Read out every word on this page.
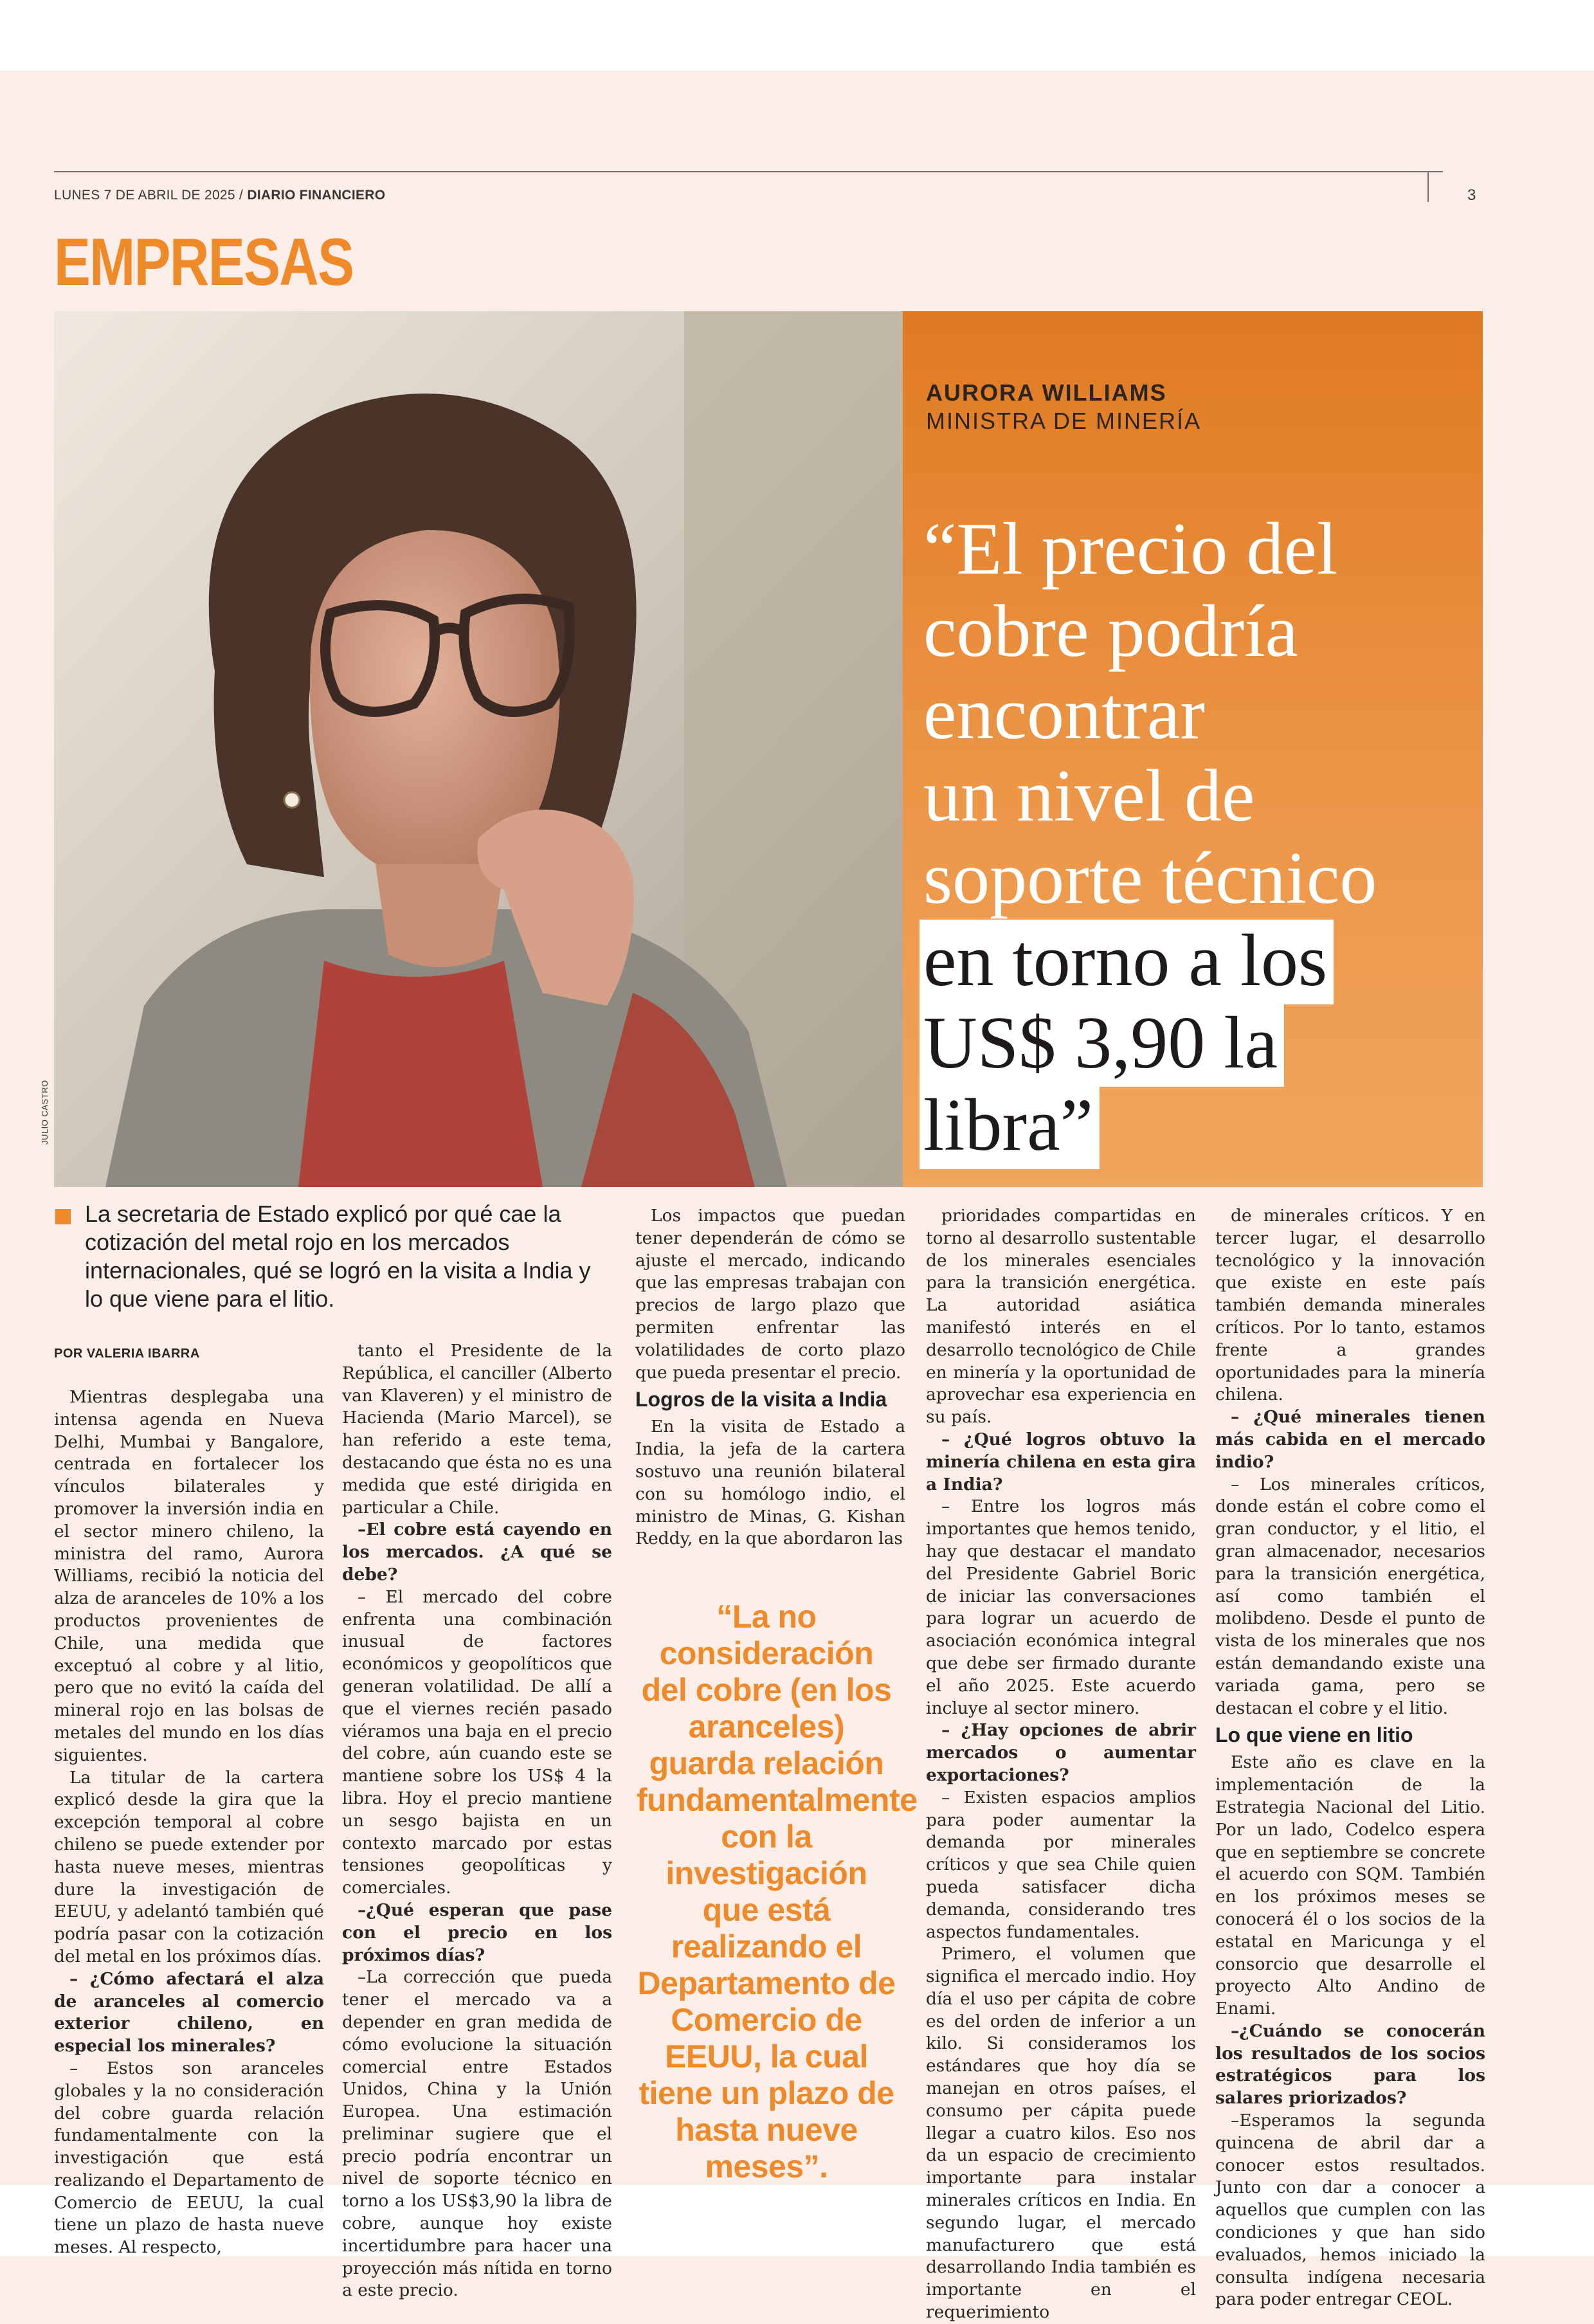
LUNES 7 DE ABRIL DE 2025 / DIARIO FINANCIERO	3
EMPRESAS
JULIO CASTRO
AURORA WILLIAMS
MINISTRA DE MINERÍA
“El precio del
cobre podría
encontrar
un nivel de
soporte técnico
en torno a los
US$ 3,90 la
libra”
La secretaria de Estado explicó por qué cae la cotización del metal rojo en los mercados internacionales, qué se logró en la visita a India y lo que viene para el litio.
POR VALERIA IBARRA

Mientras desplegaba una intensa agenda en Nueva Delhi, Mumbai y Bangalore, centrada en fortalecer los vínculos bilaterales y promover la inversión india en el sector minero chileno, la ministra del ramo, Aurora Williams, recibió la noticia del alza de aranceles de 10% a los productos provenientes de Chile, una medida que exceptuó al cobre y al litio, pero que no evitó la caída del mineral rojo en las bolsas de metales del mundo en los días siguientes.

La titular de la cartera explicó desde la gira que la excepción temporal al cobre chileno se puede extender por hasta nueve meses, mientras dure la investigación de EEUU, y adelantó también qué podría pasar con la cotización del metal en los próximos días.

– ¿Cómo afectará el alza de aranceles al comercio exterior chileno, en especial los minerales?

– Estos son aranceles globales y la no consideración del cobre guarda relación fundamentalmente con la investigación que está realizando el Departamento de Comercio de EEUU, la cual tiene un plazo de hasta nueve meses. Al respecto,

tanto el Presidente de la República, el canciller (Alberto van Klaveren) y el ministro de Hacienda (Mario Marcel), se han referido a este tema, destacando que ésta no es una medida que esté dirigida en particular a Chile.

–El cobre está cayendo en los mercados. ¿A qué se debe?

– El mercado del cobre enfrenta una combinación inusual de factores económicos y geopolíticos que generan volatilidad. De allí a que el viernes recién pasado viéramos una baja en el precio del cobre, aún cuando este se mantiene sobre los US$ 4 la libra. Hoy el precio mantiene un sesgo bajista en un contexto marcado por estas tensiones geopolíticas y comerciales.

–¿Qué esperan que pase con el precio en los próximos días?

–La corrección que pueda tener el mercado va a depender en gran medida de cómo evolucione la situación comercial entre Estados Unidos, China y la Unión Europea. Una estimación preliminar sugiere que el precio podría encontrar un nivel de soporte técnico en torno a los US$3,90 la libra de cobre, aunque hoy existe incertidumbre para hacer una proyección más nítida en torno a este precio.

Los impactos que puedan tener dependerán de cómo se ajuste el mercado, indicando que las empresas trabajan con precios de largo plazo que permiten enfrentar las volatilidades de corto plazo que pueda presentar el precio.

Logros de la visita a India

En la visita de Estado a India, la jefa de la cartera sostuvo una reunión bilateral con su homólogo indio, el ministro de Minas, G. Kishan Reddy, en la que abordaron las

prioridades compartidas en torno al desarrollo sustentable de los minerales esenciales para la transición energética. La autoridad asiática manifestó interés en el desarrollo tecnológico de Chile en minería y la oportunidad de aprovechar esa experiencia en su país.

– ¿Qué logros obtuvo la minería chilena en esta gira a India?

– Entre los logros más importantes que hemos tenido, hay que destacar el mandato del Presidente Gabriel Boric de iniciar las conversaciones para lograr un acuerdo de asociación económica integral que debe ser firmado durante el año 2025. Este acuerdo incluye al sector minero.

– ¿Hay opciones de abrir mercados o aumentar exportaciones?

– Existen espacios amplios para poder aumentar la demanda por minerales críticos y que sea Chile quien pueda satisfacer dicha demanda, considerando tres aspectos fundamentales.

Primero, el volumen que significa el mercado indio. Hoy día el uso per cápita de cobre es del orden de inferior a un kilo. Si consideramos los estándares que hoy día se manejan en otros países, el consumo per cápita puede llegar a cuatro kilos. Eso nos da un espacio de crecimiento importante para instalar minerales críticos en India. En segundo lugar, el mercado manufacturero que está desarrollando India también es importante en el requerimiento

de minerales críticos. Y en tercer lugar, el desarrollo tecnológico y la innovación que existe en este país también demanda minerales críticos. Por lo tanto, estamos frente a grandes oportunidades para la minería chilena.

– ¿Qué minerales tienen más cabida en el mercado indio?

– Los minerales críticos, donde están el cobre como el gran conductor, y el litio, el gran almacenador, necesarios para la transición energética, así como también el molibdeno. Desde el punto de vista de los minerales que nos están demandando existe una variada gama, pero se destacan el cobre y el litio.

Lo que viene en litio

Este año es clave en la implementación de la Estrategia Nacional del Litio. Por un lado, Codelco espera que en septiembre se concrete el acuerdo con SQM. También en los próximos meses se conocerá él o los socios de la estatal en Maricunga y el consorcio que desarrolle el proyecto Alto Andino de Enami.

–¿Cuándo se conocerán los resultados de los socios estratégicos para los salares priorizados?

–Esperamos la segunda quincena de abril dar a conocer estos resultados. Junto con dar a conocer a aquellos que cumplen con las condiciones y que han sido evaluados, hemos iniciado la consulta indígena necesaria para poder entregar CEOL.

“La no consideración del cobre (en los aranceles) guarda relación fundamentalmente con la investigación que está realizando el Departamento de Comercio de EEUU, la cual tiene un plazo de hasta nueve meses”.
